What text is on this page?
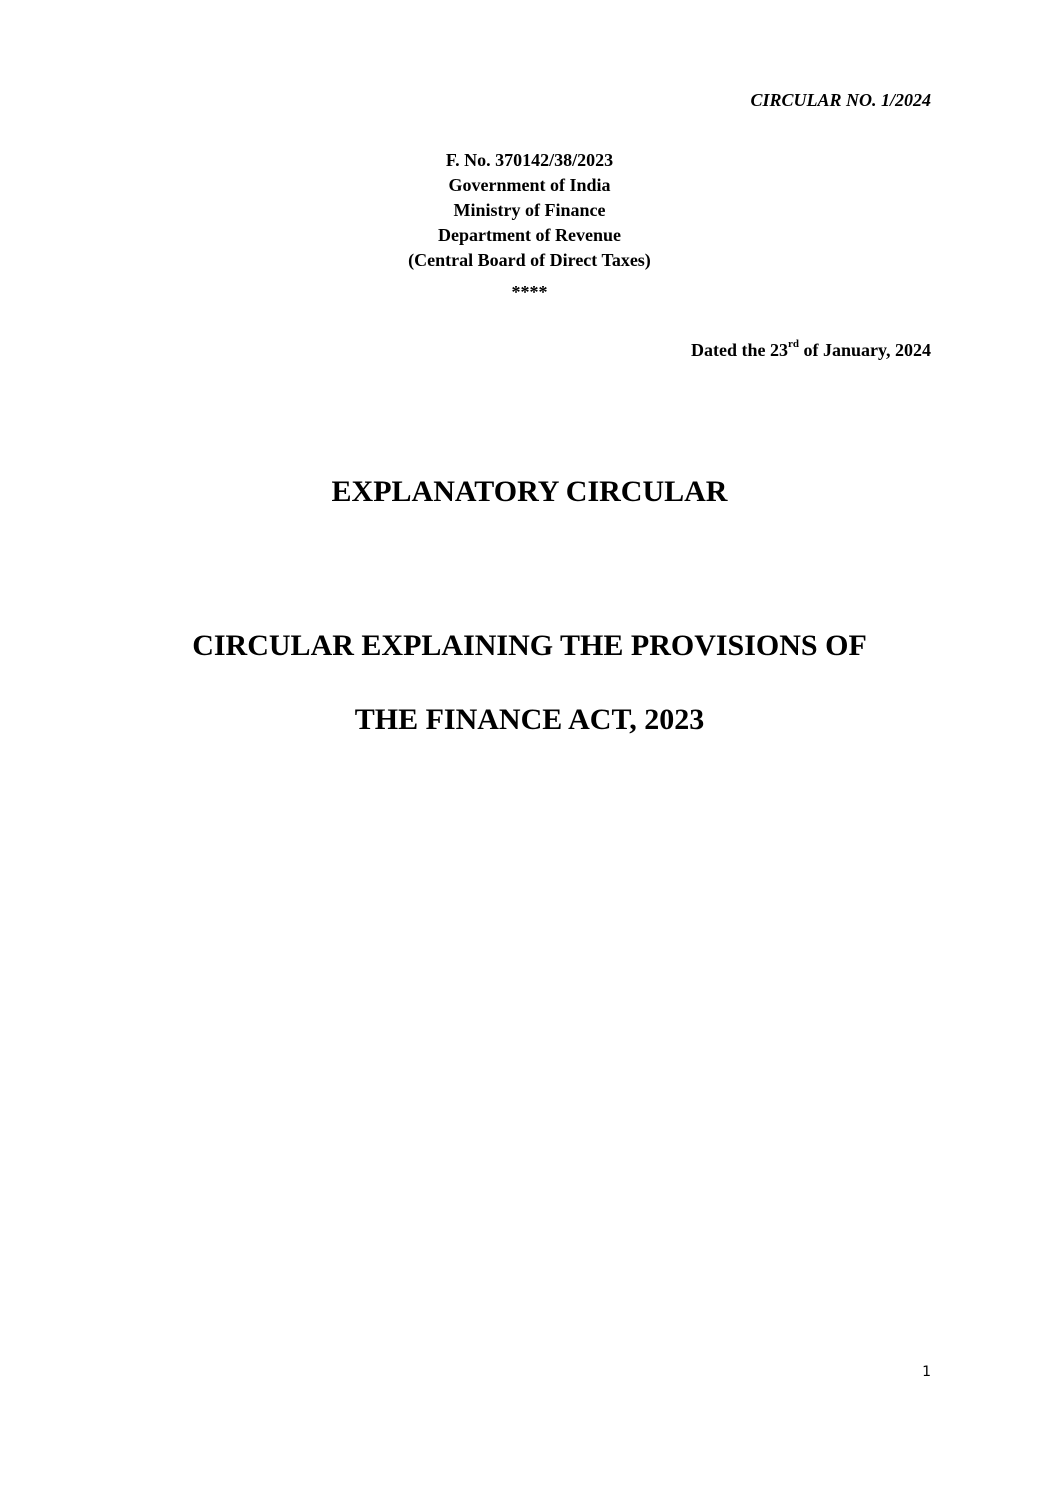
CIRCULAR NO. 1/2024
F. No. 370142/38/2023
Government of India
Ministry of Finance
Department of Revenue
(Central Board of Direct Taxes)
****
Dated the 23rd of January, 2024
EXPLANATORY CIRCULAR
CIRCULAR EXPLAINING THE PROVISIONS OF
THE FINANCE ACT, 2023
1
